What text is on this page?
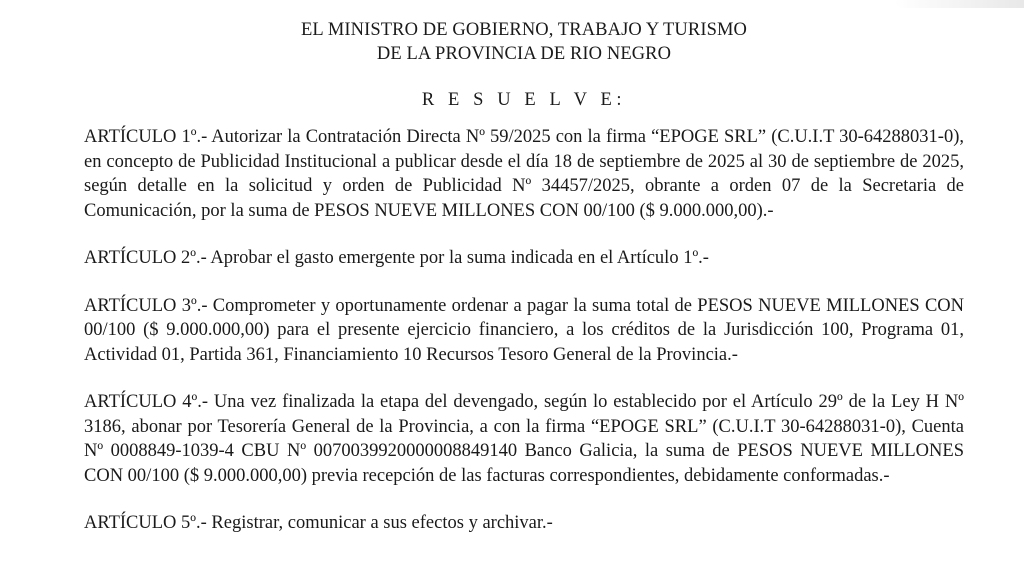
EL MINISTRO DE GOBIERNO, TRABAJO Y TURISMO
DE LA PROVINCIA DE RIO NEGRO
R E S U E L V E:

ARTÍCULO 1º.- Autorizar la Contratación Directa Nº 59/2025 con la firma “EPOGE SRL” (C.U.I.T 30-64288031-0), en concepto de Publicidad Institucional a publicar desde el día 18 de septiembre de 2025 al 30 de septiembre de 2025, según detalle en la solicitud y orden de Publicidad Nº 34457/2025, obrante a orden 07 de la Secretaria de Comunicación, por la suma de PESOS NUEVE MILLONES CON 00/100 ($ 9.000.000,00).-

ARTÍCULO 2º.- Aprobar el gasto emergente por la suma indicada en el Artículo 1º.-

ARTÍCULO 3º.- Comprometer y oportunamente ordenar a pagar la suma total de PESOS NUEVE MILLONES CON 00/100 ($ 9.000.000,00) para el presente ejercicio financiero, a los créditos de la Jurisdicción 100, Programa 01, Actividad 01, Partida 361, Financiamiento 10 Recursos Tesoro General de la Provincia.-

ARTÍCULO 4º.- Una vez finalizada la etapa del devengado, según lo establecido por el Artículo 29º de la Ley H Nº 3186, abonar por Tesorería General de la Provincia, a con la firma “EPOGE SRL” (C.U.I.T 30-64288031-0), Cuenta Nº 0008849-1039-4 CBU Nº 0070039920000008849140 Banco Galicia, la suma de PESOS NUEVE MILLONES CON 00/100 ($ 9.000.000,00) previa recepción de las facturas correspondientes, debidamente conformadas.-

ARTÍCULO 5º.- Registrar, comunicar a sus efectos y archivar.-
